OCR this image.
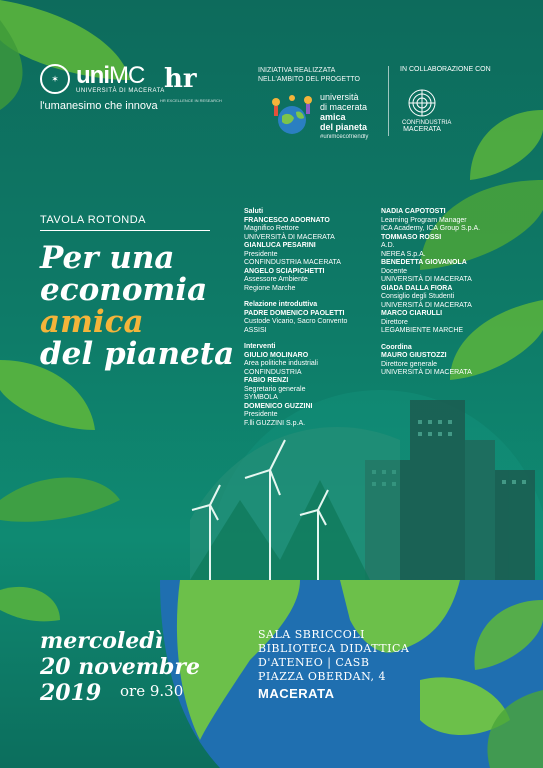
✶ uniMC
UNIVERSITÀ DI MACERATA
l'umanesimo che innova
hr
HR EXCELLENCE IN RESEARCH
INIZIATIVA REALIZZATA
NELL'AMBITO DEL PROGETTO
università
di macerata
amica
del pianeta
#unimcecofriendly
IN COLLABORAZIONE CON
CONFINDUSTRIA
MACERATA
TAVOLA ROTONDA
Per una
economia
amica
del pianeta
Saluti
FRANCESCO ADORNATO
Magnifico Rettore
UNIVERSITÀ DI MACERATA
GIANLUCA PESARINI
Presidente
CONFINDUSTRIA MACERATA
ANGELO SCIAPICHETTI
Assessore Ambiente
Regione Marche
Relazione introduttiva
PADRE DOMENICO PAOLETTI
Custode Vicario, Sacro Convento
ASSISI
Interventi
GIULIO MOLINARO
Area politiche industriali
CONFINDUSTRIA
FABIO RENZI
Segretario generale
SYMBOLA
DOMENICO GUZZINI
Presidente
F.lli GUZZINI S.p.A.
NADIA CAPOTOSTI
Learning Program Manager
ICA Academy, ICA Group S.p.A.
TOMMASO ROSSI
A.D.
NEREA S.p.A.
BENEDETTA GIOVANOLA
Docente
UNIVERSITÀ DI MACERATA
GIADA DALLA FIORA
Consiglio degli Studenti
UNIVERSITÀ DI MACERATA
MARCO CIARULLI
Direttore
LEGAMBIENTE MARCHE
Coordina
MAURO GIUSTOZZI
Direttore generale
UNIVERSITÀ DI MACERATA
mercoledì
20 novembre
2019	ore 9.30
SALA SBRICCOLI
BIBLIOTECA DIDATTICA
D'ATENEO | CASB
PIAZZA OBERDAN, 4
MACERATA
